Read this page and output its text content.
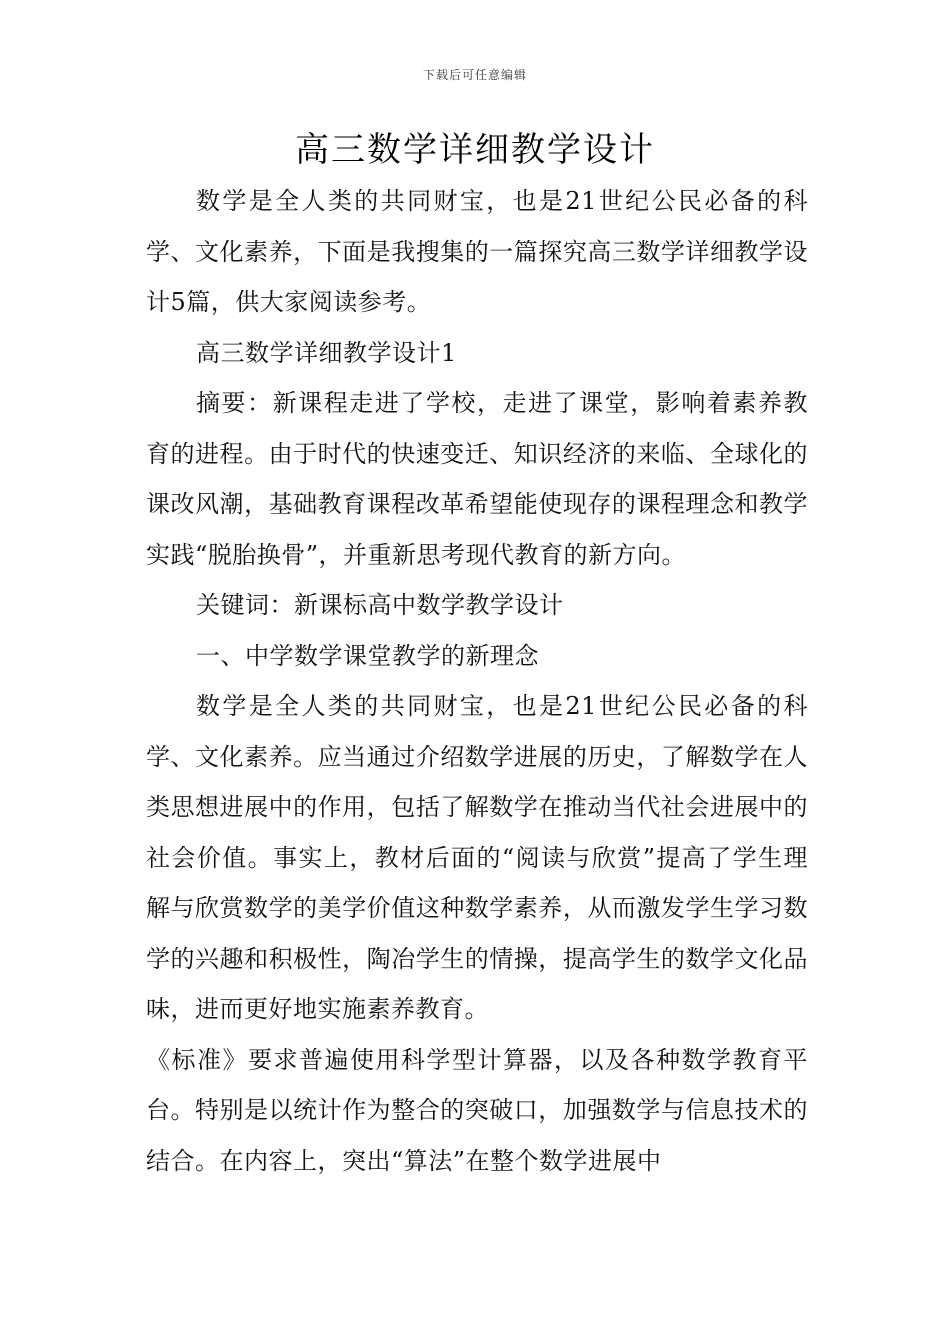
下载后可任意编辑
高三数学详细教学设计

数学是全人类的共同财宝，也是21世纪公民必备的科学、文化素养，下面是我搜集的一篇探究高三数学详细教学设计5篇，供大家阅读参考。

高三数学详细教学设计1

摘要：新课程走进了学校，走进了课堂，影响着素养教育的进程。由于时代的快速变迁、知识经济的来临、全球化的课改风潮，基础教育课程改革希望能使现存的课程理念和教学实践“脱胎换骨”，并重新思考现代教育的新方向。

关键词：新课标高中数学教学设计

一、中学数学课堂教学的新理念

数学是全人类的共同财宝，也是21世纪公民必备的科学、文化素养。应当通过介绍数学进展的历史，了解数学在人类思想进展中的作用，包括了解数学在推动当代社会进展中的社会价值。事实上，教材后面的“阅读与欣赏”提高了学生理解与欣赏数学的美学价值这种数学素养，从而激发学生学习数学的兴趣和积极性，陶冶学生的情操，提高学生的数学文化品味，进而更好地实施素养教育。

《标准》要求普遍使用科学型计算器，以及各种数学教育平台。特别是以统计作为整合的突破口，加强数学与信息技术的结合。在内容上，突出“算法”在整个数学进展中
